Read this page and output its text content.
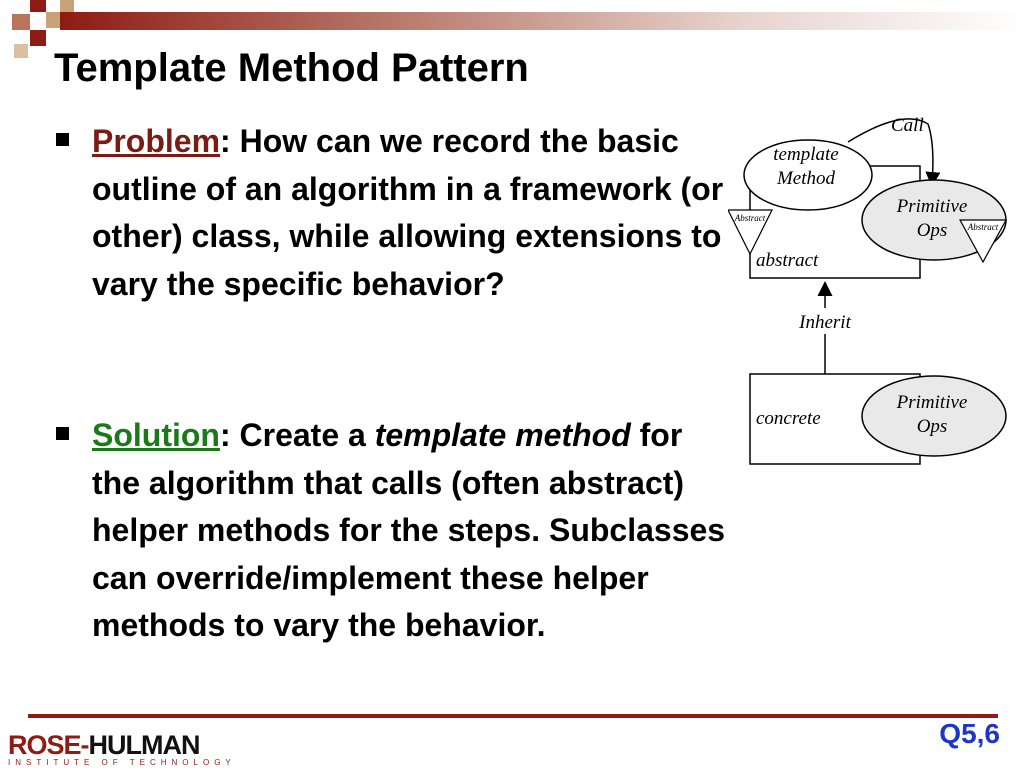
Template Method Pattern
Problem: How can we record the basic outline of an algorithm in a framework (or other) class, while allowing extensions to vary the specific behavior?
Solution: Create a template method for the algorithm that calls (often abstract) helper methods for the steps. Subclasses can override/implement these helper methods to vary the behavior.
template
Method
Call
Primitive
Ops
Abstract
Abstract
abstract
Inherit
concrete
Primitive
Ops
ROSE-HULMAN
INSTITUTE OF TECHNOLOGY
Q5,6
